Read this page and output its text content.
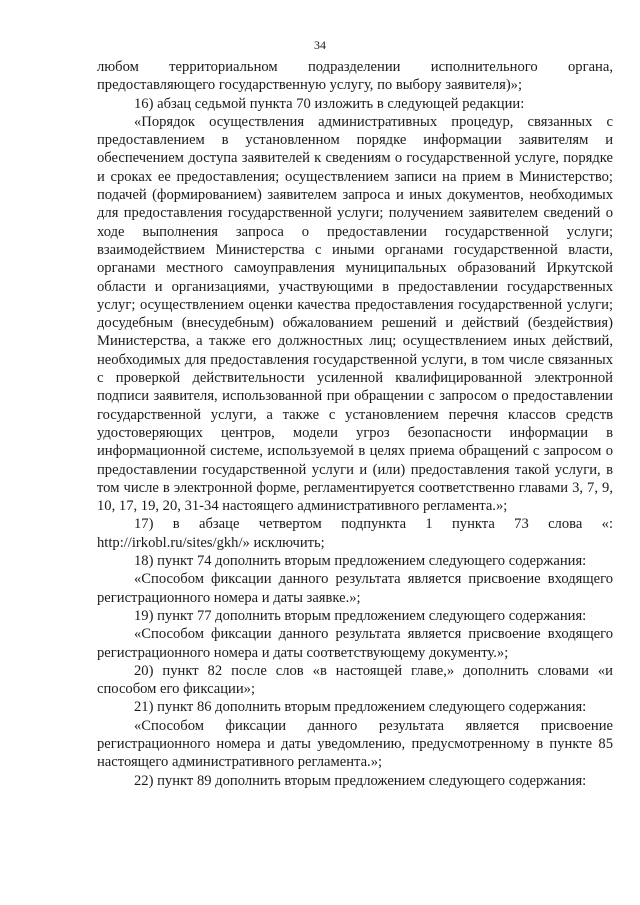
34

любом территориальном подразделении исполнительного органа, предоставляющего государственную услугу, по выбору заявителя)»;

16) абзац седьмой пункта 70 изложить в следующей редакции:

«Порядок осуществления административных процедур, связанных с предоставлением в установленном порядке информации заявителям и обеспечением доступа заявителей к сведениям о государственной услуге, порядке и сроках ее предоставления; осуществлением записи на прием в Министерство; подачей (формированием) заявителем запроса и иных документов, необходимых для предоставления государственной услуги; получением заявителем сведений о ходе выполнения запроса о предоставлении государственной услуги; взаимодействием Министерства с иными органами государственной власти, органами местного самоуправления муниципальных образований Иркутской области и организациями, участвующими в предоставлении государственных услуг; осуществлением оценки качества предоставления государственной услуги; досудебным (внесудебным) обжалованием решений и действий (бездействия) Министерства, а также его должностных лиц; осуществлением иных действий, необходимых для предоставления государственной услуги, в том числе связанных с проверкой действительности усиленной квалифицированной электронной подписи заявителя, использованной при обращении с запросом о предоставлении государственной услуги, а также с установлением перечня классов средств удостоверяющих центров, модели угроз безопасности информации в информационной системе, используемой в целях приема обращений с запросом о предоставлении государственной услуги и (или) предоставления такой услуги, в том числе в электронной форме, регламентируется соответственно главами 3, 7, 9, 10, 17, 19, 20, 31-34 настоящего административного регламента.»;

17) в абзаце четвертом подпункта 1 пункта 73 слова «: http://irkobl.ru/sites/gkh/» исключить;

18) пункт 74 дополнить вторым предложением следующего содержания:

«Способом фиксации данного результата является присвоение входящего регистрационного номера и даты заявке.»;

19) пункт 77 дополнить вторым предложением следующего содержания:

«Способом фиксации данного результата является присвоение входящего регистрационного номера и даты соответствующему документу.»;

20) пункт 82 после слов «в настоящей главе,» дополнить словами «и способом его фиксации»;

21) пункт 86 дополнить вторым предложением следующего содержания:

«Способом фиксации данного результата является присвоение регистрационного номера и даты уведомлению, предусмотренному в пункте 85 настоящего административного регламента.»;

22) пункт 89 дополнить вторым предложением следующего содержания:
